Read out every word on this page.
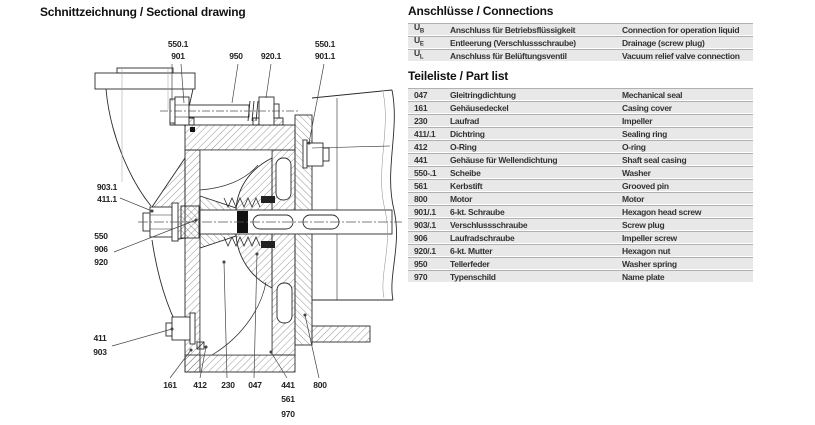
Schnittzeichnung / Sectional drawing
550.1
901	950 920.1
550.1
901.1
903.1
411.1
550
906
920
411
903
161 412 230 047 441
561
970
800
Anschlüsse / Connections
$U_B$	Anschluss für Betriebsflüssigkeit	Connection for operation liquid
$U_E$	Entleerung (Verschlussschraube)	Drainage (screw plug)
$U_L$	Anschluss für Belüftungsventil	Vacuum relief valve connection
Teileliste / Part list
047	Gleitringdichtung	Mechanical seal
161	Gehäusedeckel	Casing cover
230	Laufrad	Impeller
411/.1	Dichtring	Sealing ring
412	O-Ring	O-ring
441	Gehäuse für Wellendichtung	Shaft seal casing
550-.1	Scheibe	Washer
561	Kerbstift	Grooved pin
800	Motor	Motor
901/.1	6-kt. Schraube	Hexagon head screw
903/.1	Verschlussschraube	Screw plug
906	Laufradschraube	Impeller screw
920/.1	6-kt. Mutter	Hexagon nut
950	Tellerfeder	Washer spring
970	Typenschild	Name plate
